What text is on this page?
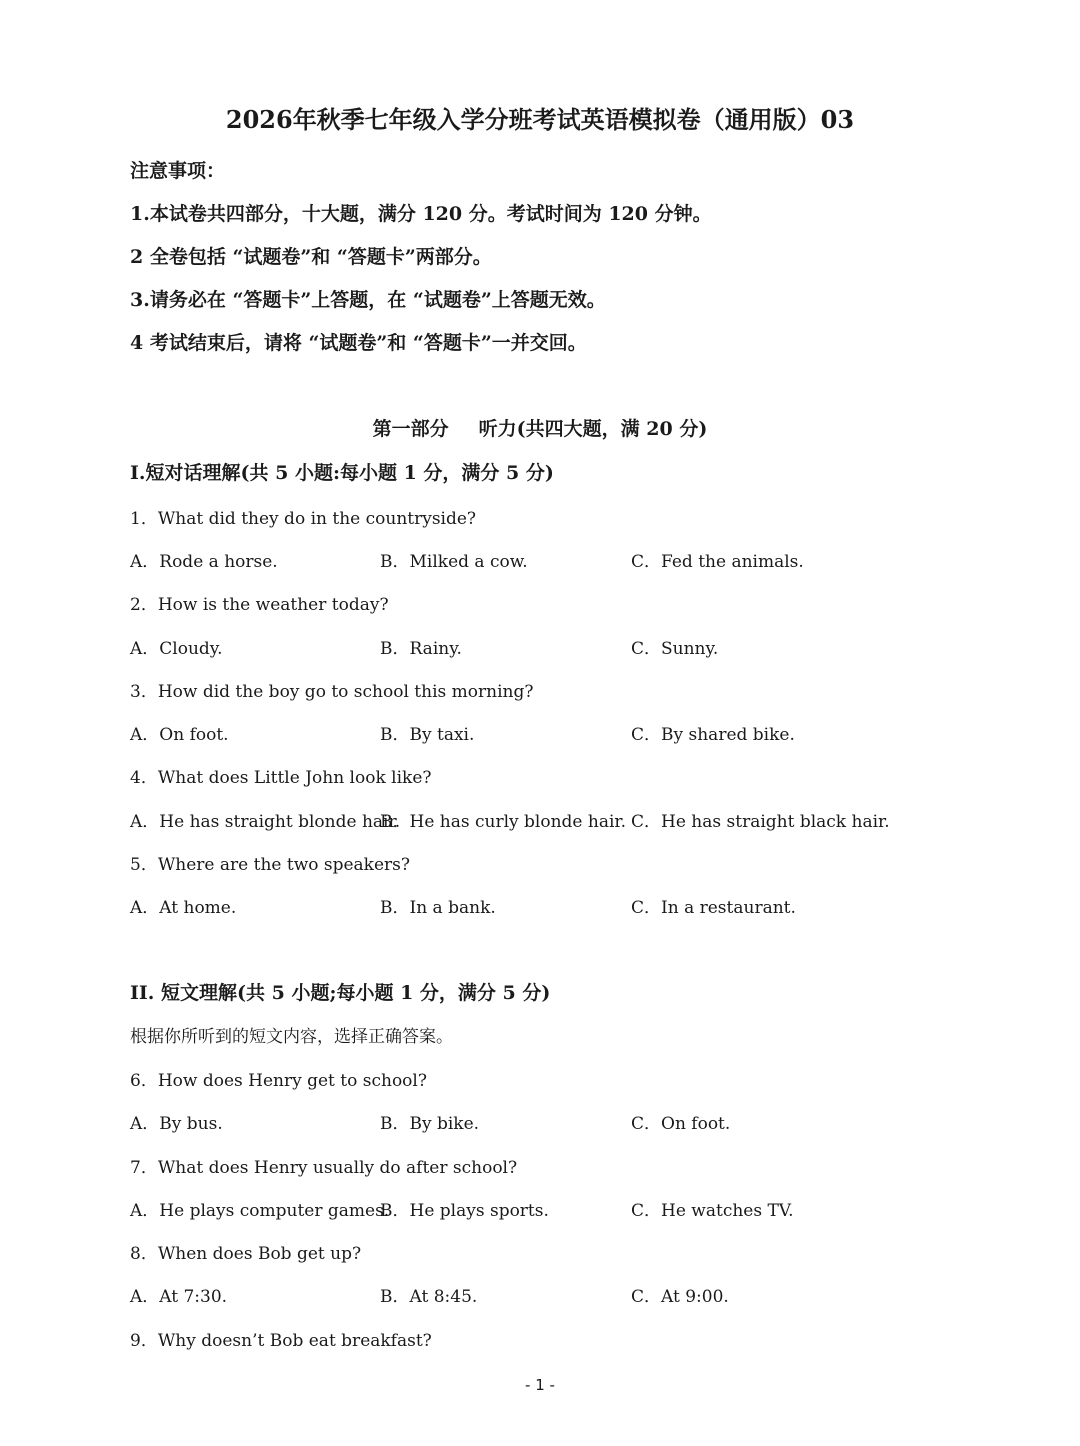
2026年秋季七年级入学分班考试英语模拟卷（通用版）03
注意事项：
1.本试卷共四部分，十大题，满分 120 分。考试时间为 120 分钟。
2 全卷包括 “试题卷”和 “答题卡”两部分。
3.请务必在 “答题卡”上答题，在 “试题卷”上答题无效。
4 考试结束后，请将 “试题卷”和 “答题卡”一并交回。
第一部分 听力(共四大题，满 20 分)
I.短对话理解(共 5 小题:每小题 1 分，满分 5 分)
1．What did they do in the countryside?
A．Rode a horse.	B．Milked a cow.	C．Fed the animals.
2．How is the weather today?
A．Cloudy.	B．Rainy.	C．Sunny.
3．How did the boy go to school this morning?
A．On foot.	B．By taxi.	C．By shared bike.
4．What does Little John look like?
A．He has straight blonde hair.
B．He has curly blonde hair. C．He has straight black hair.
5．Where are the two speakers?
A．At home.	B．In a bank.	C．In a restaurant.
II. 短文理解(共 5 小题;每小题 1 分，满分 5 分)
根据你所听到的短文内容，选择正确答案。
6．How does Henry get to school?
A．By bus.	B．By bike.	C．On foot.
7．What does Henry usually do after school?
A．He plays computer games.
B．He plays sports.	C．He watches TV.
8．When does Bob get up?
A．At 7:30.	B．At 8:45.	C．At 9:00.
9．Why doesn’t Bob eat breakfast?
- 1 -
